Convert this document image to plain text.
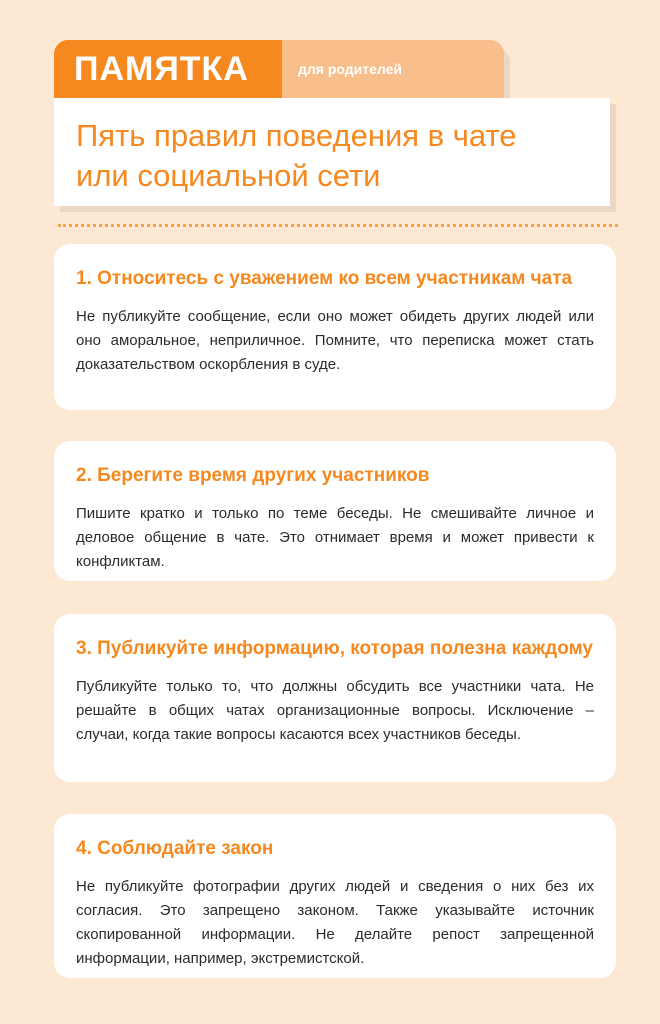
ПАМЯТКА	для родителей
Пять правил поведения в чате
или социальной сети
1. Относитесь с уважением ко всем участникам чата

Не публикуйте сообщение, если оно может обидеть других людей или оно аморальное, неприличное. Помните, что переписка может стать доказательством оскорбления в суде.

2. Берегите время других участников

Пишите кратко и только по теме беседы. Не смешивайте личное и деловое общение в чате. Это отнимает время и может привести к конфликтам.

3. Публикуйте информацию, которая полезна каждому

Публикуйте только то, что должны обсудить все участники чата. Не решайте в общих чатах организационные вопросы. Исключение – случаи, когда такие вопросы касаются всех участников беседы.

4. Соблюдайте закон

Не публикуйте фотографии других людей и сведения о них без их согласия. Это запрещено законом. Также указывайте источник скопированной информации. Не делайте репост запрещенной информации, например, экстремистской.
